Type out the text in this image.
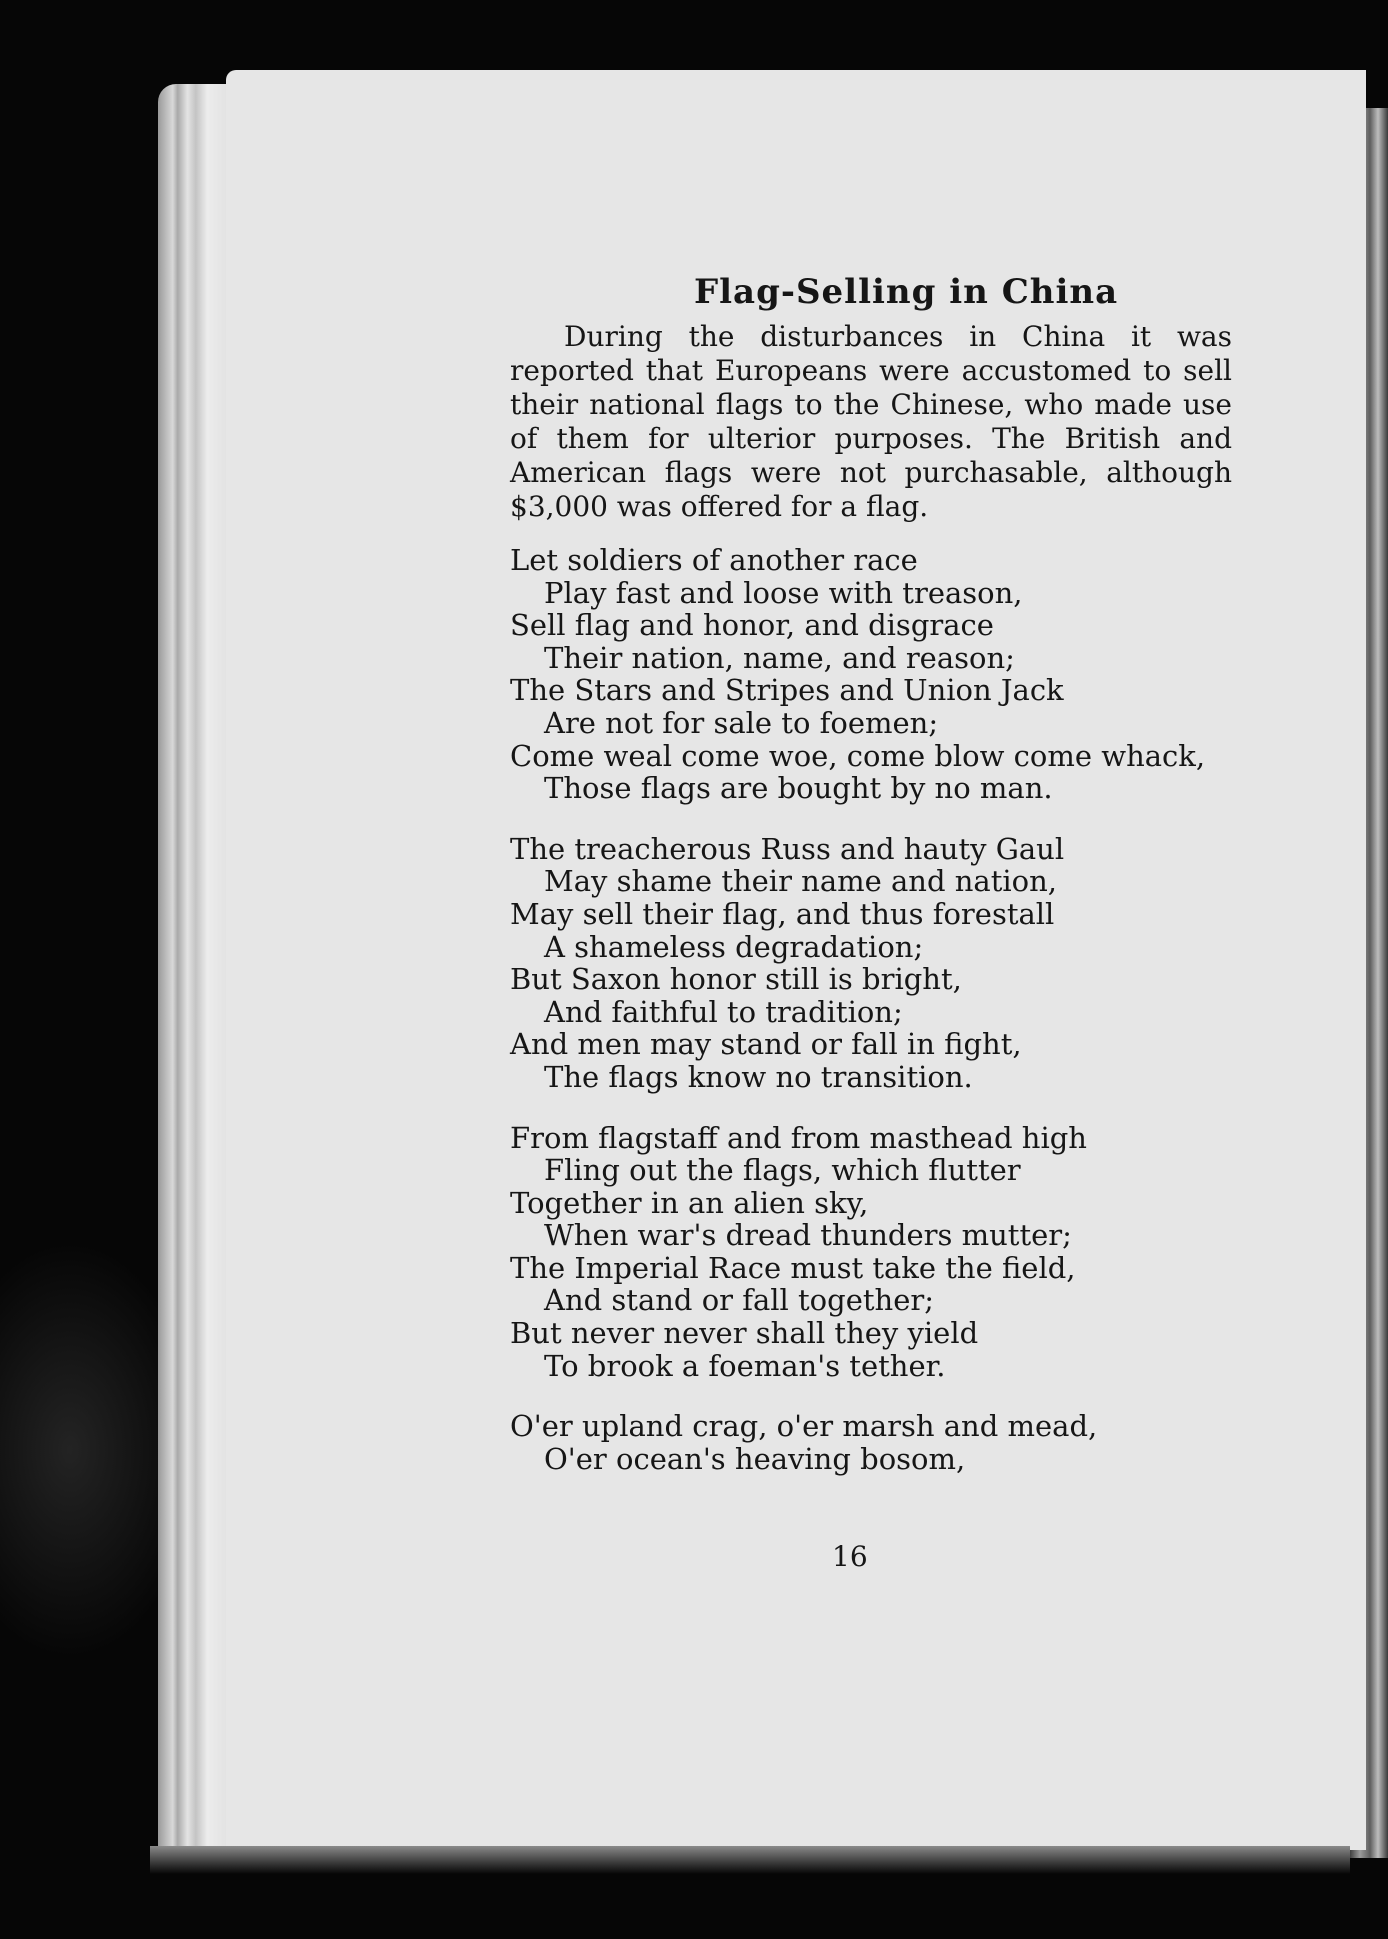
Flag-Selling in China

During the disturbances in China it was reported that Europeans were accustomed to sell their national flags to the Chinese, who made use of them for ulterior purposes. The British and American flags were not purchasable, although $3,000 was offered for a flag.

Let soldiers of another race
Play fast and loose with treason,
Sell flag and honor, and disgrace
Their nation, name, and reason;
The Stars and Stripes and Union Jack
Are not for sale to foemen;
Come weal come woe, come blow come whack,
Those flags are bought by no man.
The treacherous Russ and hauty Gaul
May shame their name and nation,
May sell their flag, and thus forestall
A shameless degradation;
But Saxon honor still is bright,
And faithful to tradition;
And men may stand or fall in fight,
The flags know no transition.
From flagstaff and from masthead high
Fling out the flags, which flutter
Together in an alien sky,
When war's dread thunders mutter;
The Imperial Race must take the field,
And stand or fall together;
But never never shall they yield
To brook a foeman's tether.
O'er upland crag, o'er marsh and mead,
O'er ocean's heaving bosom,
16
